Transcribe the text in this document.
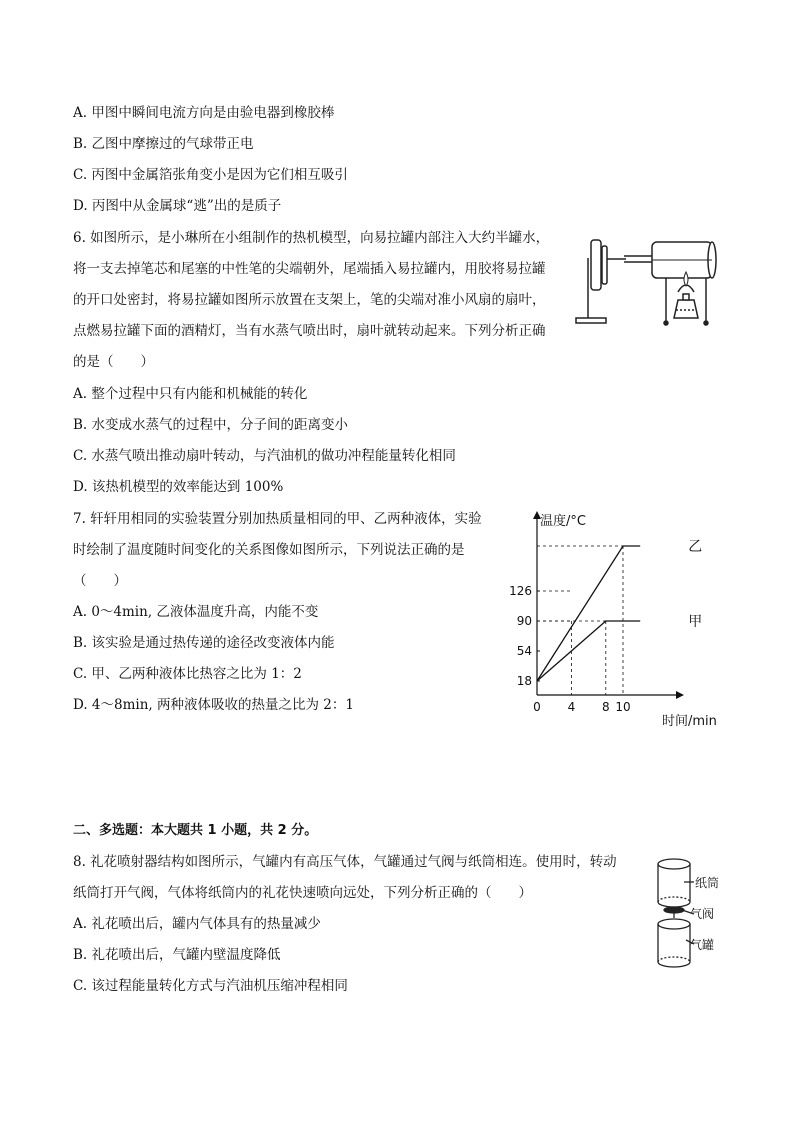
A. 甲图中瞬间电流方向是由验电器到橡胶棒
B. 乙图中摩擦过的气球带正电
C. 丙图中金属箔张角变小是因为它们相互吸引
D. 丙图中从金属球“逃”出的是质子
6. 如图所示，是小琳所在小组制作的热机模型，向易拉罐内部注入大约半罐水，
将一支去掉笔芯和尾塞的中性笔的尖端朝外，尾端插入易拉罐内，用胶将易拉罐
的开口处密封，将易拉罐如图所示放置在支架上，笔的尖端对准小风扇的扇叶，
点燃易拉罐下面的酒精灯，当有水蒸气喷出时，扇叶就转动起来。下列分析正确
的是（　　）
A. 整个过程中只有内能和机械能的转化
B. 水变成水蒸气的过程中，分子间的距离变小
C. 水蒸气喷出推动扇叶转动，与汽油机的做功冲程能量转化相同
D. 该热机模型的效率能达到 100%
7. 轩轩用相同的实验装置分别加热质量相同的甲、乙两种液体，实验
时绘制了温度随时间变化的关系图像如图所示，下列说法正确的是
（　　）
A. 0～4min, 乙液体温度升高，内能不变
B. 该实验是通过热传递的途径改变液体内能
C. 甲、乙两种液体比热容之比为 1：2
D. 4～8min, 两种液体吸收的热量之比为 2：1
18
54
90
126
0 4 8 10
甲
乙
温度/°C
时间/min
二、多选题：本大题共 1 小题，共 2 分。
8. 礼花喷射器结构如图所示，气罐内有高压气体，气罐通过气阀与纸筒相连。使用时，转动
纸筒打开气阀，气体将纸筒内的礼花快速喷向远处，下列分析正确的（　　）
A. 礼花喷出后，罐内气体具有的热量减少
B. 礼花喷出后，气罐内壁温度降低
C. 该过程能量转化方式与汽油机压缩冲程相同
纸筒
气阀
气罐
